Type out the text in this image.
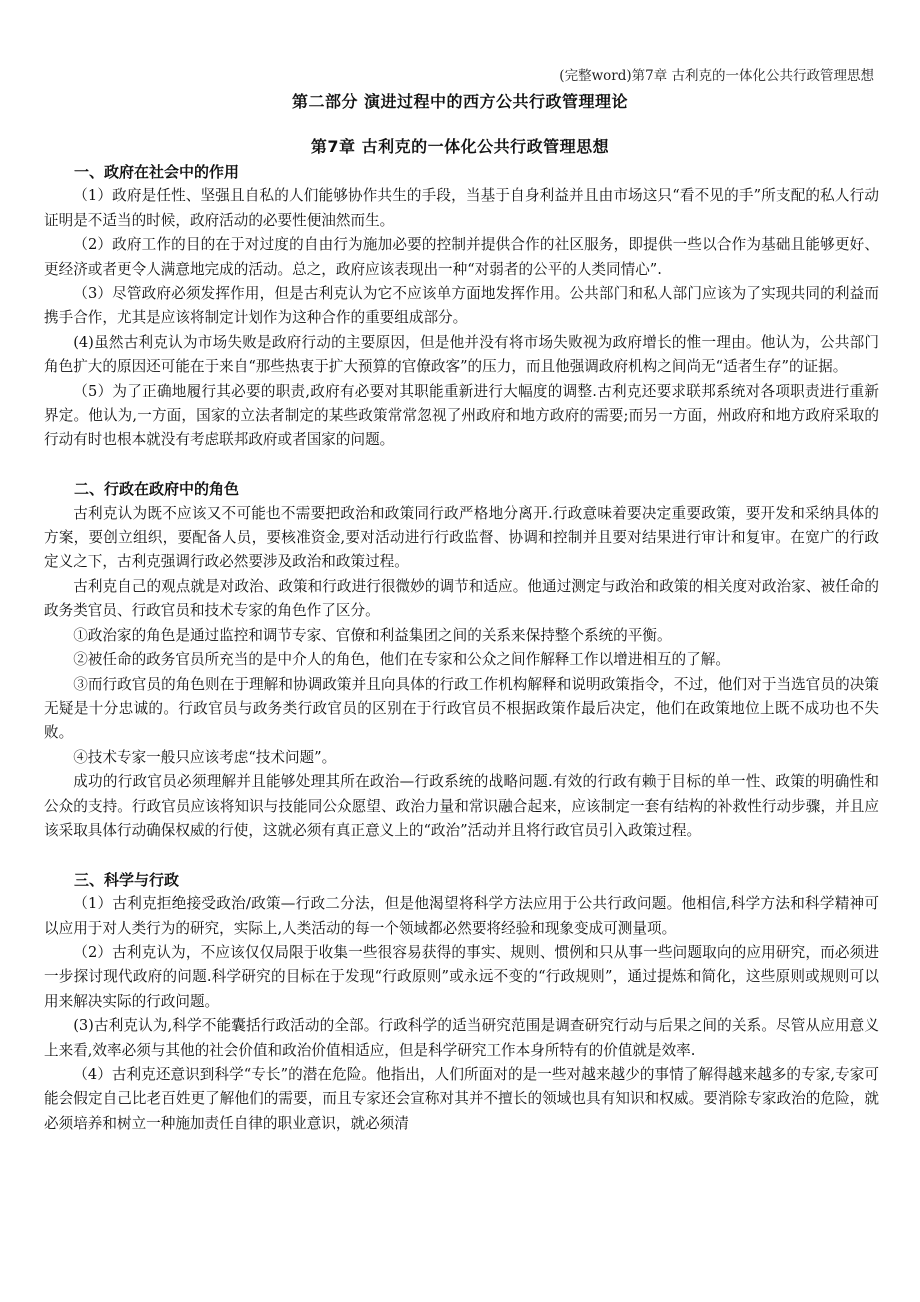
(完整word)第7章 古利克的一体化公共行政管理思想
第二部分 演进过程中的西方公共行政管理理论
第7章 古利克的一体化公共行政管理思想
一、政府在社会中的作用

（1）政府是任性、坚强且自私的人们能够协作共生的手段，当基于自身利益并且由市场这只“看不见的手”所支配的私人行动证明是不适当的时候，政府活动的必要性便油然而生。

（2）政府工作的目的在于对过度的自由行为施加必要的控制并提供合作的社区服务，即提供一些以合作为基础且能够更好、更经济或者更令人满意地完成的活动。总之，政府应该表现出一种“对弱者的公平的人类同情心”.

（3）尽管政府必须发挥作用，但是古利克认为它不应该单方面地发挥作用。公共部门和私人部门应该为了实现共同的利益而携手合作，尤其是应该将制定计划作为这种合作的重要组成部分。

(4)虽然古利克认为市场失败是政府行动的主要原因，但是他并没有将市场失败视为政府增长的惟一理由。他认为，公共部门角色扩大的原因还可能在于来自“那些热衷于扩大预算的官僚政客”的压力，而且他强调政府机构之间尚无“适者生存”的证据。

（5）为了正确地履行其必要的职责,政府有必要对其职能重新进行大幅度的调整.古利克还要求联邦系统对各项职责进行重新界定。他认为,一方面，国家的立法者制定的某些政策常常忽视了州政府和地方政府的需要;而另一方面，州政府和地方政府采取的行动有时也根本就没有考虑联邦政府或者国家的问题。

二、行政在政府中的角色

古利克认为既不应该又不可能也不需要把政治和政策同行政严格地分离开.行政意味着要决定重要政策，要开发和采纳具体的方案，要创立组织，要配备人员，要核准资金,要对活动进行行政监督、协调和控制并且要对结果进行审计和复审。在宽广的行政定义之下，古利克强调行政必然要涉及政治和政策过程。

古利克自己的观点就是对政治、政策和行政进行很微妙的调节和适应。他通过测定与政治和政策的相关度对政治家、被任命的政务类官员、行政官员和技术专家的角色作了区分。

①政治家的角色是通过监控和调节专家、官僚和利益集团之间的关系来保持整个系统的平衡。

②被任命的政务官员所充当的是中介人的角色，他们在专家和公众之间作解释工作以增进相互的了解。

③而行政官员的角色则在于理解和协调政策并且向具体的行政工作机构解释和说明政策指令，不过，他们对于当选官员的决策无疑是十分忠诚的。行政官员与政务类行政官员的区别在于行政官员不根据政策作最后决定，他们在政策地位上既不成功也不失败。

④技术专家一般只应该考虑“技术问题”。

成功的行政官员必须理解并且能够处理其所在政治—行政系统的战略问题.有效的行政有赖于目标的单一性、政策的明确性和公众的支持。行政官员应该将知识与技能同公众愿望、政治力量和常识融合起来，应该制定一套有结构的补救性行动步骤，并且应该采取具体行动确保权威的行使，这就必须有真正意义上的“政治”活动并且将行政官员引入政策过程。

三、科学与行政

（1）古利克拒绝接受政治/政策—行政二分法，但是他渴望将科学方法应用于公共行政问题。他相信,科学方法和科学精神可以应用于对人类行为的研究，实际上,人类活动的每一个领域都必然要将经验和现象变成可测量项。

（2）古利克认为，不应该仅仅局限于收集一些很容易获得的事实、规则、惯例和只从事一些问题取向的应用研究，而必须进一步探讨现代政府的问题.科学研究的目标在于发现“行政原则”或永远不变的“行政规则”，通过提炼和简化，这些原则或规则可以用来解决实际的行政问题。

(3)古利克认为,科学不能囊括行政活动的全部。行政科学的适当研究范围是调查研究行动与后果之间的关系。尽管从应用意义上来看,效率必须与其他的社会价值和政治价值相适应，但是科学研究工作本身所特有的价值就是效率.

（4）古利克还意识到科学“专长”的潜在危险。他指出，人们所面对的是一些对越来越少的事情了解得越来越多的专家,专家可能会假定自己比老百姓更了解他们的需要，而且专家还会宣称对其并不擅长的领域也具有知识和权威。要消除专家政治的危险，就必须培养和树立一种施加责任自律的职业意识，就必须清
